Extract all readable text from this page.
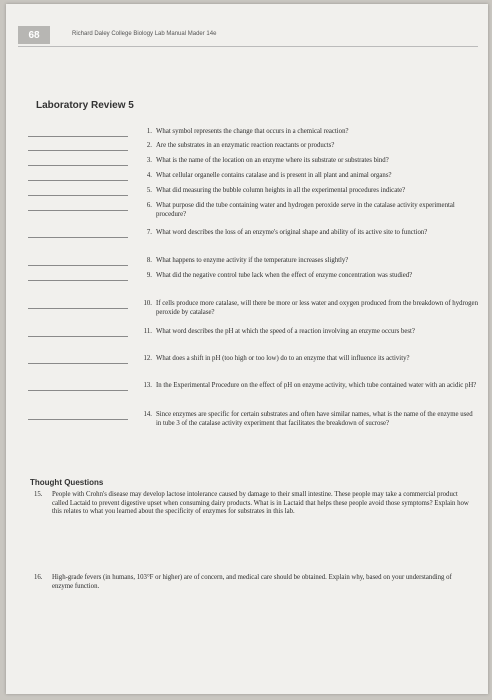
68	Richard Daley College Biology Lab Manual Mader 14e
Laboratory Review 5
1. What symbol represents the change that occurs in a chemical reaction?
2. Are the substrates in an enzymatic reaction reactants or products?
3. What is the name of the location on an enzyme where its substrate or substrates bind?
4. What cellular organelle contains catalase and is present in all plant and animal organs?
5. What did measuring the bubble column heights in all the experimental procedures indicate?
6. What purpose did the tube containing water and hydrogen peroxide serve in the catalase activity experimental procedure?
7. What word describes the loss of an enzyme's original shape and ability of its active site to function?
8. What happens to enzyme activity if the temperature increases slightly?
9. What did the negative control tube lack when the effect of enzyme concentration was studied?
10. If cells produce more catalase, will there be more or less water and oxygen produced from the breakdown of hydrogen peroxide by catalase?
11. What word describes the pH at which the speed of a reaction involving an enzyme occurs best?
12. What does a shift in pH (too high or too low) do to an enzyme that will influence its activity?
13. In the Experimental Procedure on the effect of pH on enzyme activity, which tube contained water with an acidic pH?
14. Since enzymes are specific for certain substrates and often have similar names, what is the name of the enzyme used in tube 3 of the catalase activity experiment that facilitates the breakdown of sucrose?
Thought Questions
15. People with Crohn's disease may develop lactose intolerance caused by damage to their small intestine. These people may take a commercial product called Lactaid to prevent digestive upset when consuming dairy products. What is in Lactaid that helps these people avoid those symptoms? Explain how this relates to what you learned about the specificity of enzymes for substrates in this lab.
16. High-grade fevers (in humans, 103°F or higher) are of concern, and medical care should be obtained. Explain why, based on your understanding of enzyme function.
